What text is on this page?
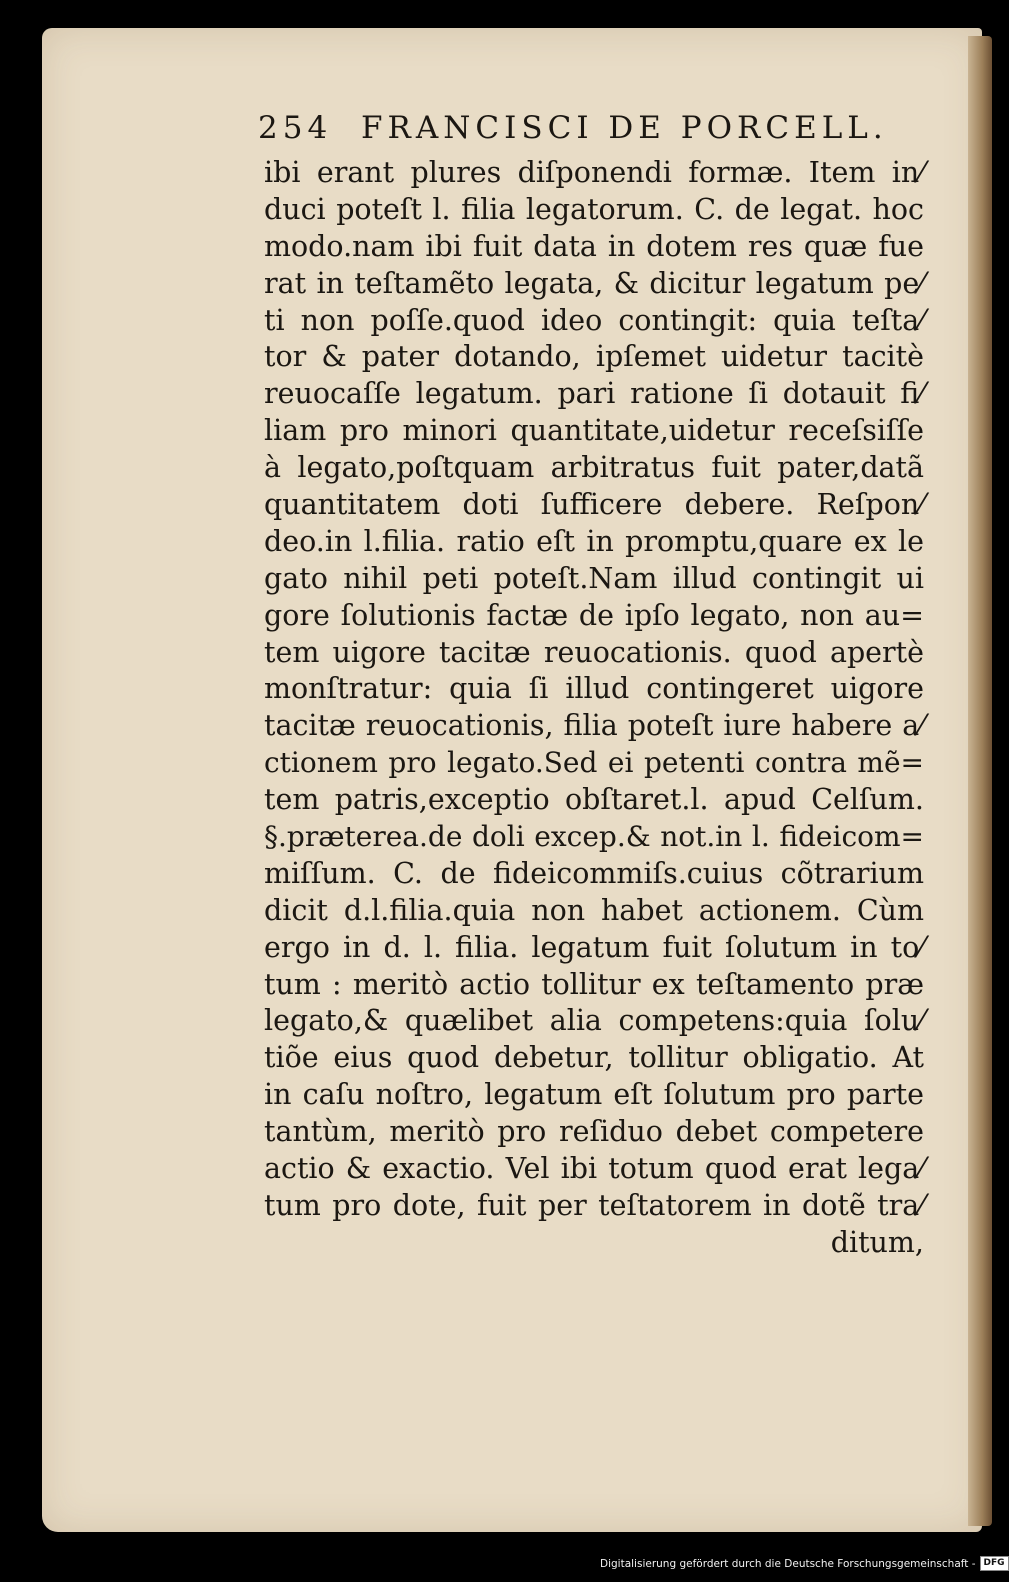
254 FRANCISCI DE PORCELL.
ibi erant plures diſponendi formæ. Item in⁄
duci poteſt l. filia legatorum. C. de legat. hoc
modo.nam ibi fuit data in dotem res quæ fue
rat in teſtamẽto legata, & dicitur legatum pe⁄
ti non poſſe.quod ideo contingit: quia teſta⁄
tor & pater dotando, ipſemet uidetur tacitè
reuocaſſe legatum. pari ratione ſi dotauit fi⁄
liam pro minori quantitate,uidetur receſsiſſe
à legato,poſtquam arbitratus fuit pater,datã
quantitatem doti ſufficere debere. Reſpon⁄
deo.in l.filia. ratio eſt in promptu,quare ex le
gato nihil peti poteſt.Nam illud contingit ui
gore ſolutionis factæ de ipſo legato, non au=
tem uigore tacitæ reuocationis. quod apertè
monſtratur: quia ſi illud contingeret uigore
tacitæ reuocationis, filia poteſt iure habere a⁄
ctionem pro legato.Sed ei petenti contra mẽ=
tem patris,exceptio obſtaret.l. apud Celſum.
§.præterea.de doli excep.& not.in l. fideicom=
miſſum. C. de fideicommiſs.cuius cõtrarium
dicit d.l.filia.quia non habet actionem. Cùm
ergo in d. l. filia. legatum fuit ſolutum in to⁄
tum : meritò actio tollitur ex teſtamento præ
legato,& quælibet alia competens:quia ſolu⁄
tiõe eius quod debetur, tollitur obligatio. At
in caſu noſtro, legatum eſt ſolutum pro parte
tantùm, meritò pro reſiduo debet competere
actio & exactio. Vel ibi totum quod erat lega⁄
tum pro dote, fuit per teſtatorem in dotẽ tra⁄
ditum,
Digitalisierung gefördert durch die Deutsche Forschungsgemeinschaft - DFG
